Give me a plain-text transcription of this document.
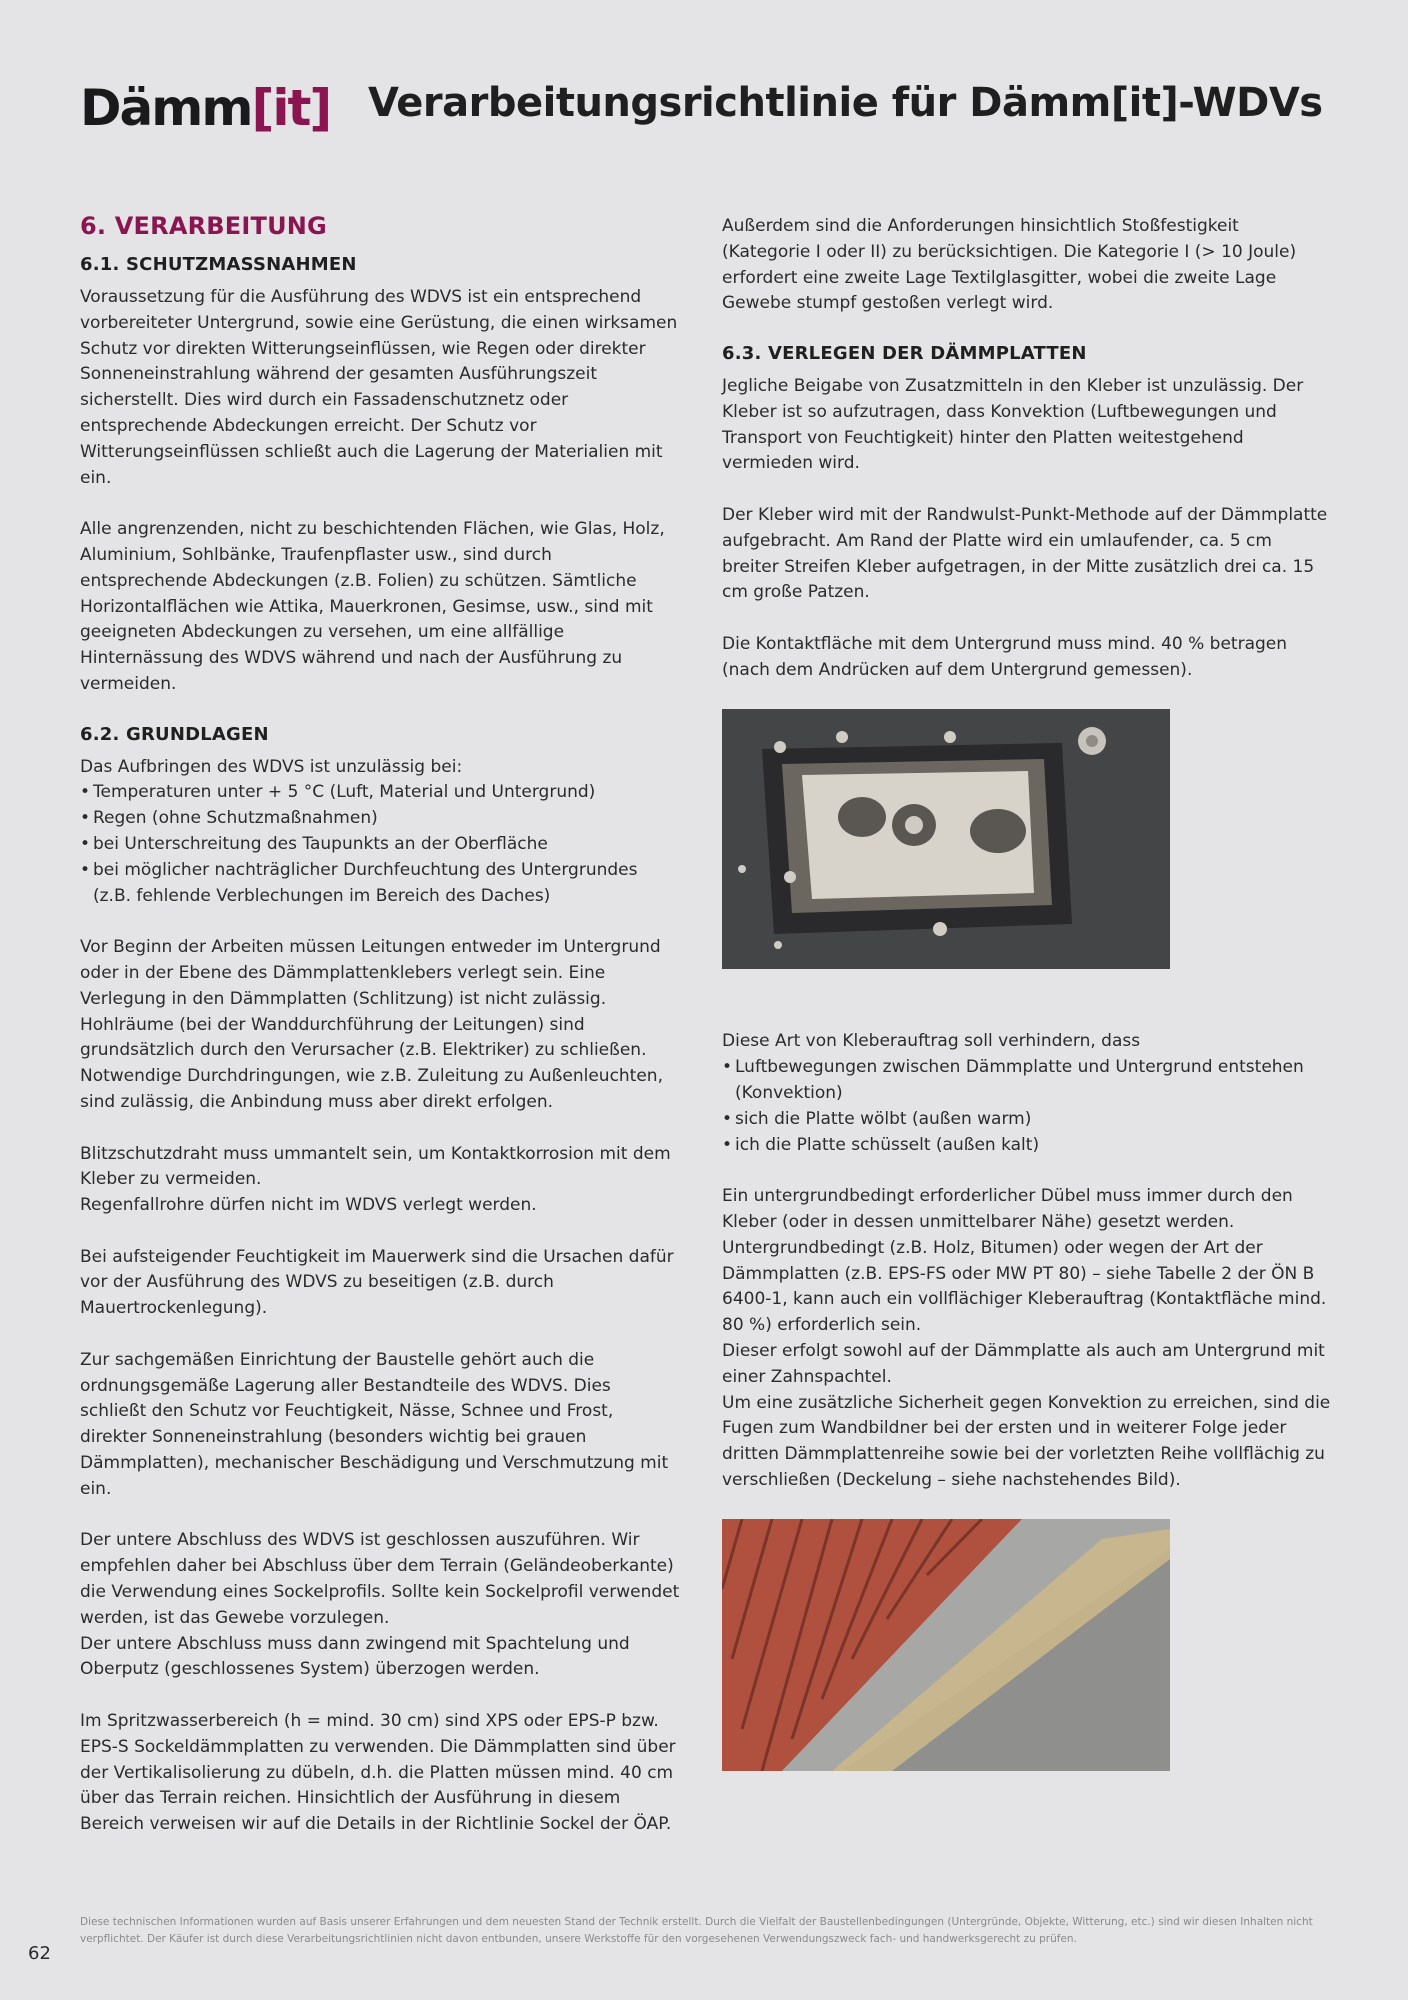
Dämm [ it ] Verarbeitungsrichtlinie für Dämm[it]-WDVs
6. VERARBEITUNG
6.1. SCHUTZMASSNAHMEN

Voraussetzung für die Ausführung des WDVS ist ein entsprechend vorbereiteter Untergrund, sowie eine Gerüstung, die einen wirksamen Schutz vor direkten Witterungseinflüssen, wie Regen oder direkter Sonneneinstrahlung während der gesamten Ausführungszeit sicherstellt. Dies wird durch ein Fassadenschutznetz oder entsprechende Abdeckungen erreicht. Der Schutz vor Witterungseinflüssen schließt auch die Lagerung der Materialien mit ein.

Alle angrenzenden, nicht zu beschichtenden Flächen, wie Glas, Holz, Aluminium, Sohlbänke, Traufenpflaster usw., sind durch entsprechende Abdeckungen (z.B. Folien) zu schützen. Sämtliche Horizontalflächen wie Attika, Mauerkronen, Gesimse, usw., sind mit geeigneten Abdeckungen zu versehen, um eine allfällige Hinternässung des WDVS während und nach der Ausführung zu vermeiden.

6.2. GRUNDLAGEN

Das Aufbringen des WDVS ist unzulässig bei:

• Temperaturen unter + 5 °C (Luft, Material und Untergrund)
• Regen (ohne Schutzmaßnahmen)
• bei Unterschreitung des Taupunkts an der Oberfläche
• bei möglicher nachträglicher Durchfeuchtung des Untergrundes (z.B. fehlende Verblechungen im Bereich des Daches)

Vor Beginn der Arbeiten müssen Leitungen entweder im Untergrund oder in der Ebene des Dämmplattenklebers verlegt sein. Eine Verlegung in den Dämmplatten (Schlitzung) ist nicht zulässig. Hohlräume (bei der Wanddurchführung der Leitungen) sind grundsätzlich durch den Verursacher (z.B. Elektriker) zu schließen. Notwendige Durchdringungen, wie z.B. Zuleitung zu Außenleuchten, sind zulässig, die Anbindung muss aber direkt erfolgen.

Blitzschutzdraht muss ummantelt sein, um Kontaktkorrosion mit dem Kleber zu vermeiden.

Regenfallrohre dürfen nicht im WDVS verlegt werden.

Bei aufsteigender Feuchtigkeit im Mauerwerk sind die Ursachen dafür vor der Ausführung des WDVS zu beseitigen (z.B. durch Mauertrockenlegung).

Zur sachgemäßen Einrichtung der Baustelle gehört auch die ordnungsgemäße Lagerung aller Bestandteile des WDVS. Dies schließt den Schutz vor Feuchtigkeit, Nässe, Schnee und Frost, direkter Sonneneinstrahlung (besonders wichtig bei grauen Dämmplatten), mechanischer Beschädigung und Verschmutzung mit ein.

Der untere Abschluss des WDVS ist geschlossen auszuführen. Wir empfehlen daher bei Abschluss über dem Terrain (Geländeoberkante) die Verwendung eines Sockelprofils. Sollte kein Sockelprofil verwendet werden, ist das Gewebe vorzulegen.

Der untere Abschluss muss dann zwingend mit Spachtelung und Oberputz (geschlossenes System) überzogen werden.

Im Spritzwasserbereich (h = mind. 30 cm) sind XPS oder EPS-P bzw. EPS-S Sockeldämmplatten zu verwenden. Die Dämmplatten sind über der Vertikalisolierung zu dübeln, d.h. die Platten müssen mind. 40 cm über das Terrain reichen. Hinsichtlich der Ausführung in diesem Bereich verweisen wir auf die Details in der Richtlinie Sockel der ÖAP.

Außerdem sind die Anforderungen hinsichtlich Stoßfestigkeit (Kategorie I oder II) zu berücksichtigen. Die Kategorie I (> 10 Joule) erfordert eine zweite Lage Textilglasgitter, wobei die zweite Lage Gewebe stumpf gestoßen verlegt wird.

6.3. VERLEGEN DER DÄMMPLATTEN

Jegliche Beigabe von Zusatzmitteln in den Kleber ist unzulässig. Der Kleber ist so aufzutragen, dass Konvektion (Luftbewegungen und Transport von Feuchtigkeit) hinter den Platten weitestgehend vermieden wird.

Der Kleber wird mit der Randwulst-Punkt-Methode auf der Dämmplatte aufgebracht. Am Rand der Platte wird ein umlaufender, ca. 5 cm breiter Streifen Kleber aufgetragen, in der Mitte zusätzlich drei ca. 15 cm große Patzen.

Die Kontaktfläche mit dem Untergrund muss mind. 40 % betragen (nach dem Andrücken auf dem Untergrund gemessen).

Diese Art von Kleberauftrag soll verhindern, dass

• Luftbewegungen zwischen Dämmplatte und Untergrund entstehen (Konvektion)
• sich die Platte wölbt (außen warm)
• ich die Platte schüsselt (außen kalt)

Ein untergrundbedingt erforderlicher Dübel muss immer durch den Kleber (oder in dessen unmittelbarer Nähe) gesetzt werden. Untergrundbedingt (z.B. Holz, Bitumen) oder wegen der Art der Dämmplatten (z.B. EPS-FS oder MW PT 80) – siehe Tabelle 2 der ÖN B 6400-1, kann auch ein vollflächiger Kleberauftrag (Kontaktfläche mind. 80 %) erforderlich sein.

Dieser erfolgt sowohl auf der Dämmplatte als auch am Untergrund mit einer Zahnspachtel.

Um eine zusätzliche Sicherheit gegen Konvektion zu erreichen, sind die Fugen zum Wandbildner bei der ersten und in weiterer Folge jeder dritten Dämmplattenreihe sowie bei der vorletzten Reihe vollflächig zu verschließen (Deckelung – siehe nachstehendes Bild).

Diese technischen Informationen wurden auf Basis unserer Erfahrungen und dem neuesten Stand der Technik erstellt. Durch die Vielfalt der Baustellenbedingungen (Untergründe, Objekte, Witterung, etc.) sind wir diesen Inhalten nicht verpflichtet. Der Käufer ist durch diese Verarbeitungsrichtlinien nicht davon entbunden, unsere Werkstoffe für den vorgesehenen Verwendungszweck fach- und handwerksgerecht zu prüfen.
62
